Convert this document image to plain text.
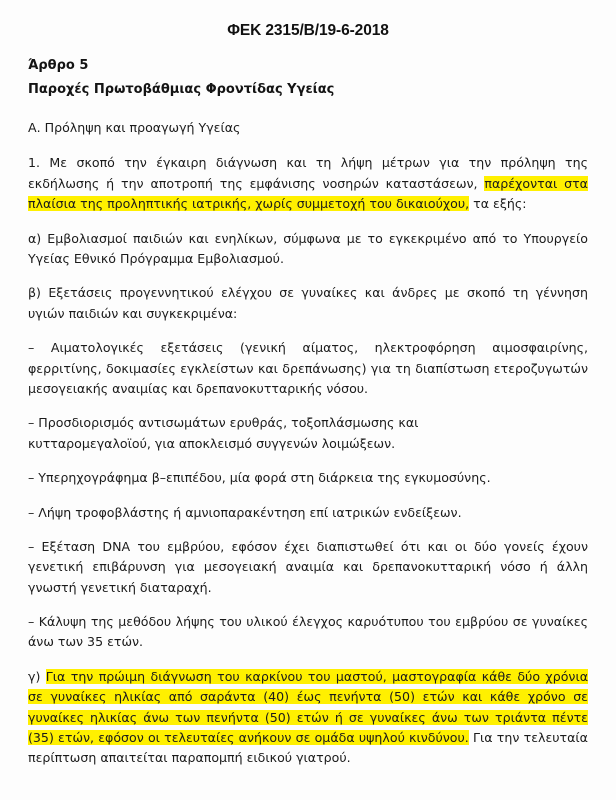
ΦΕΚ 2315/Β/19-6-2018
Άρθρο 5
Παροχές Πρωτοβάθμιας Φροντίδας Υγείας
Α. Πρόληψη και προαγωγή Υγείας

1. Με σκοπό την έγκαιρη διάγνωση και τη λήψη μέτρων για την πρόληψη της εκδήλωσης ή την αποτροπή της εμφάνισης νοσηρών καταστάσεων, παρέχονται στα πλαίσια της προληπτικής ιατρικής, χωρίς συμμετοχή του δικαιούχου, τα εξής:

α) Εμβολιασμοί παιδιών και ενηλίκων, σύμφωνα με το εγκεκριμένο από το Υπουργείο Υγείας Εθνικό Πρόγραμμα Εμβολιασμού.

β) Εξετάσεις προγεννητικού ελέγχου σε γυναίκες και άνδρες με σκοπό τη γέννηση υγιών παιδιών και συγκεκριμένα:

– Αιματολογικές εξετάσεις (γενική αίματος, ηλεκτροφόρηση αιμοσφαιρίνης, φερριτίνης, δοκιμασίες εγκλείστων και δρεπάνωσης) για τη διαπίστωση ετεροζυγωτών μεσογειακής αναιμίας και δρεπανοκυτταρικής νόσου.

– Προσδιορισμός αντισωμάτων ερυθράς, τοξοπλάσμωσης και
κυτταρομεγαλοϊού, για αποκλεισμό συγγενών λοιμώξεων.

– Υπερηχογράφημα β–επιπέδου, μία φορά στη διάρκεια της εγκυμοσύνης.

– Λήψη τροφοβλάστης ή αμνιοπαρακέντηση επί ιατρικών ενδείξεων.

– Εξέταση DNA του εμβρύου, εφόσον έχει διαπιστωθεί ότι και οι δύο γονείς έχουν γενετική επιβάρυνση για μεσογειακή αναιμία και δρεπανοκυτταρική νόσο ή άλλη γνωστή γενετική διαταραχή.

– Κάλυψη της μεθόδου λήψης του υλικού έλεγχος καρυότυπου του εμβρύου σε γυναίκες άνω των 35 ετών.

γ) Για την πρώιμη διάγνωση του καρκίνου του μαστού, μαστογραφία κάθε δύο χρόνια σε γυναίκες ηλικίας από σαράντα (40) έως πενήντα (50) ετών και κάθε χρόνο σε γυναίκες ηλικίας άνω των πενήντα (50) ετών ή σε γυναίκες άνω των τριάντα πέντε (35) ετών, εφόσον οι τελευταίες ανήκουν σε ομάδα υψηλού κινδύνου. Για την τελευταία περίπτωση απαιτείται παραπομπή ειδικού γιατρού.
